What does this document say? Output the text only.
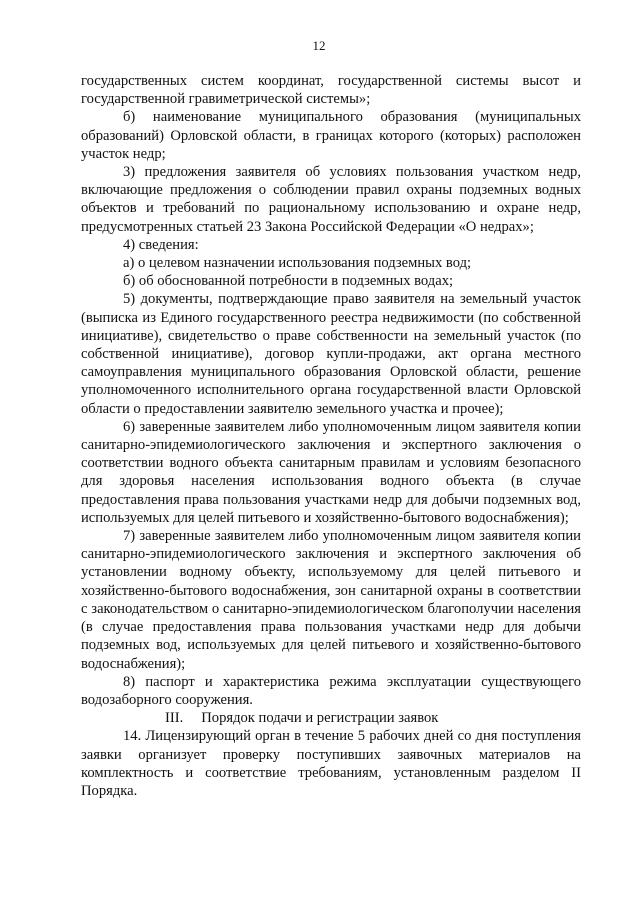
12

государственных систем координат, государственной системы высот и государственной гравиметрической системы»;

б) наименование муниципального образования (муниципальных образований) Орловской области, в границах которого (которых) расположен участок недр;

3) предложения заявителя об условиях пользования участком недр, включающие предложения о соблюдении правил охраны подземных водных объектов и требований по рациональному использованию и охране недр, предусмотренных статьей 23 Закона Российской Федерации «О недрах»;

4) сведения:

а) о целевом назначении использования подземных вод;

б) об обоснованной потребности в подземных водах;

5) документы, подтверждающие право заявителя на земельный участок (выписка из Единого государственного реестра недвижимости (по собственной инициативе), свидетельство о праве собственности на земельный участок (по собственной инициативе), договор купли-продажи, акт органа местного самоуправления муниципального образования Орловской области, решение уполномоченного исполнительного органа государственной власти Орловской области о предоставлении заявителю земельного участка и прочее);

6) заверенные заявителем либо уполномоченным лицом заявителя копии санитарно-эпидемиологического заключения и экспертного заключения о соответствии водного объекта санитарным правилам и условиям безопасного для здоровья населения использования водного объекта (в случае предоставления права пользования участками недр для добычи подземных вод, используемых для целей питьевого и хозяйственно-бытового водоснабжения);

7) заверенные заявителем либо уполномоченным лицом заявителя копии санитарно-эпидемиологического заключения и экспертного заключения об установлении водному объекту, используемому для целей питьевого и хозяйственно-бытового водоснабжения, зон санитарной охраны в соответствии с законодательством о санитарно-эпидемиологическом благополучии населения (в случае предоставления права пользования участками недр для добычи подземных вод, используемых для целей питьевого и хозяйственно-бытового водоснабжения);

8) паспорт и характеристика режима эксплуатации существующего водозаборного сооружения.

III. Порядок подачи и регистрации заявок

14. Лицензирующий орган в течение 5 рабочих дней со дня поступления заявки организует проверку поступивших заявочных материалов на комплектность и соответствие требованиям, установленным разделом II Порядка.
